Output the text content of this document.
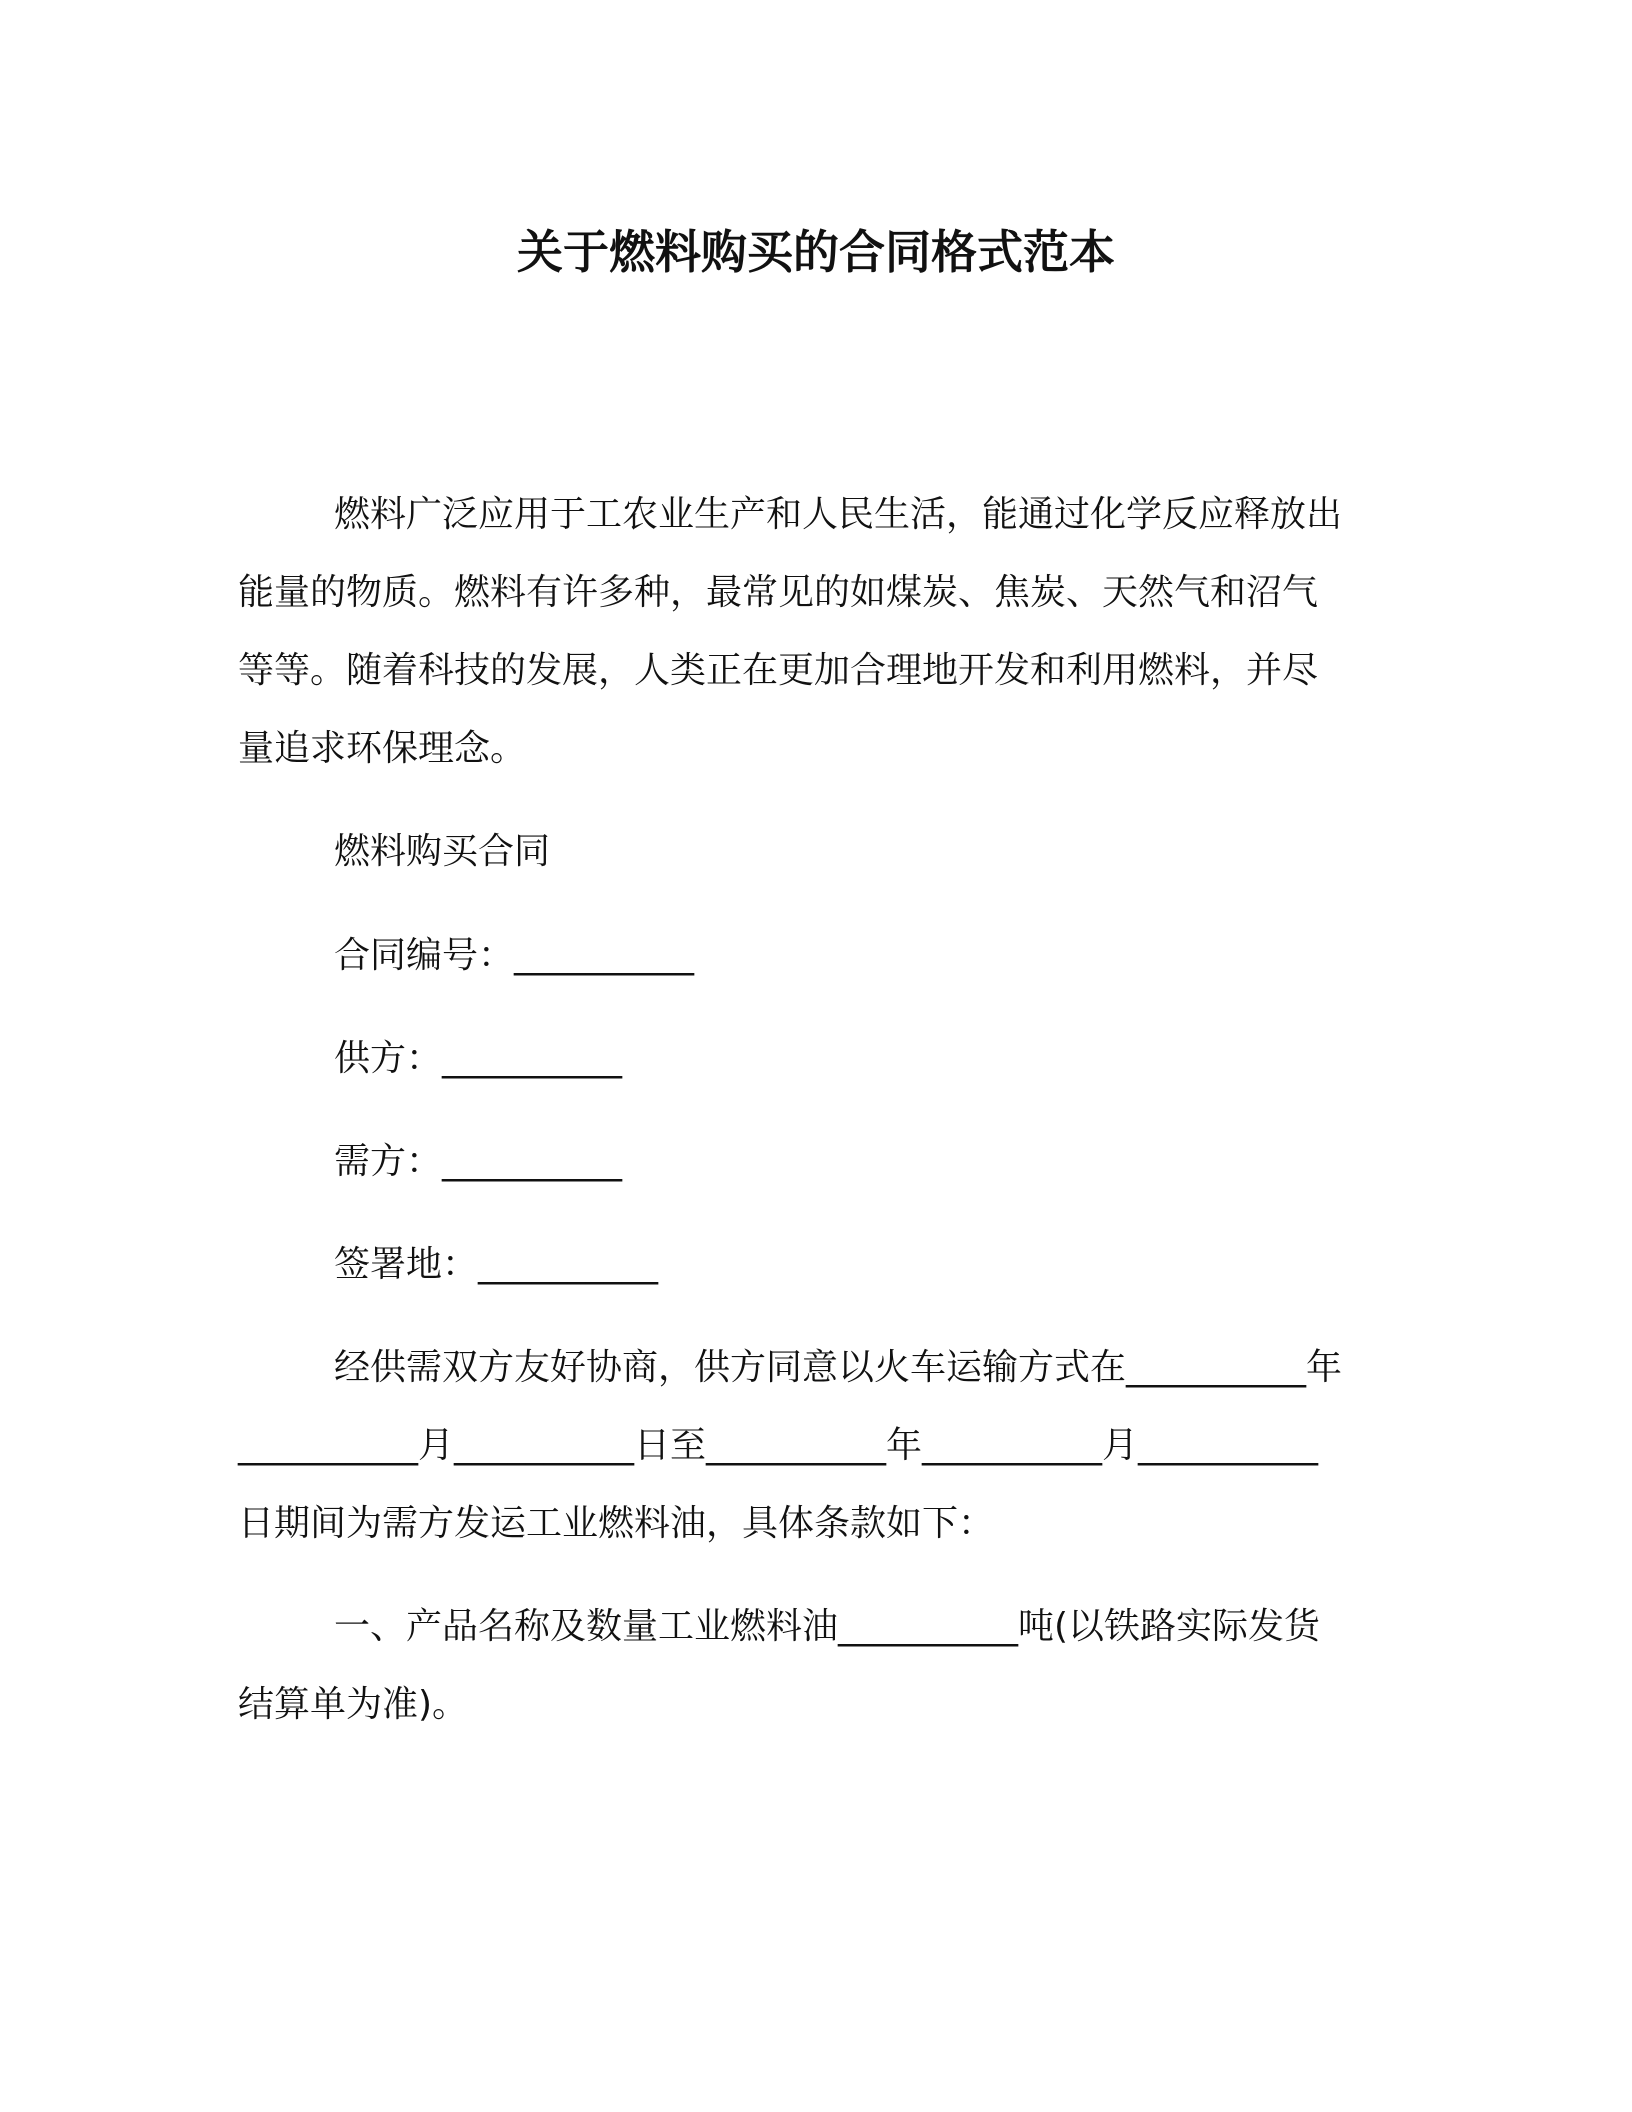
关于燃料购买的合同格式范本
燃料广泛应用于工农业生产和人民生活，能通过化学反应释放出
能量的物质。燃料有许多种，最常见的如煤炭、焦炭、天然气和沼气
等等。随着科技的发展，人类正在更加合理地开发和利用燃料，并尽
量追求环保理念。
燃料购买合同
合同编号：__________
供方：__________
需方：__________
签署地：__________
经供需双方友好协商，供方同意以火车运输方式在__________年
__________月__________日至__________年__________月__________
日期间为需方发运工业燃料油，具体条款如下：
一、产品名称及数量工业燃料油__________吨(以铁路实际发货
结算单为准)。
